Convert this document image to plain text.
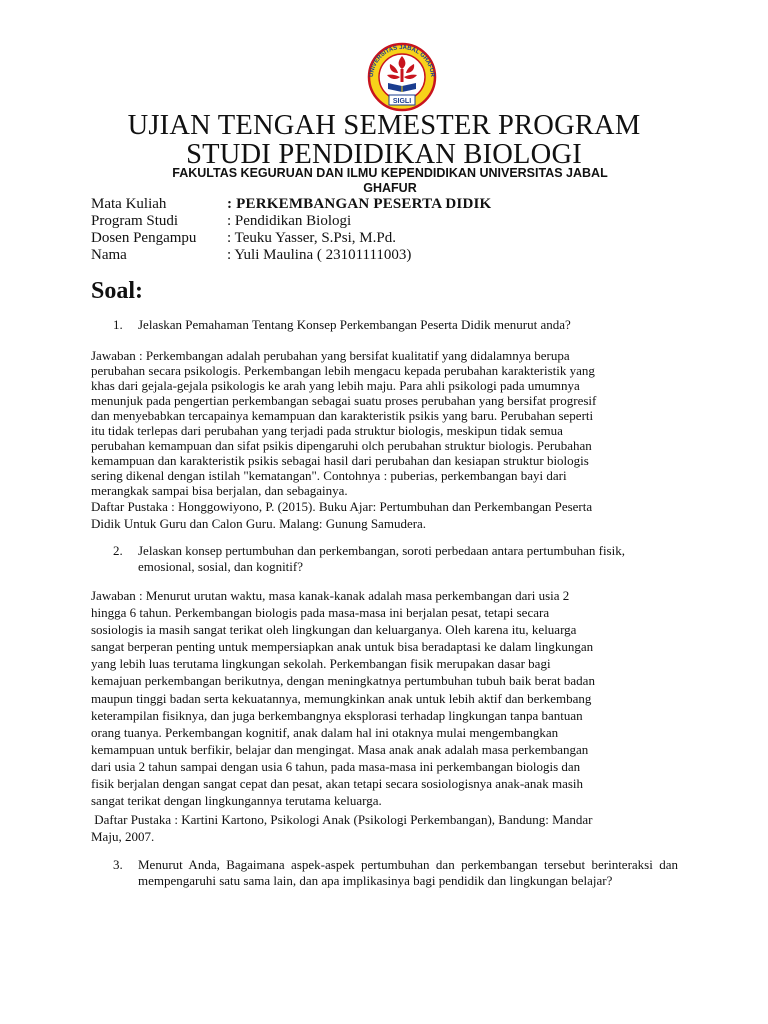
UNIVERSITAS JABAL GHAFUR
SIGLI
UJIAN TENGAH SEMESTER PROGRAM
STUDI PENDIDIKAN BIOLOGI
FAKULTAS KEGURUAN DAN ILMU KEPENDIDIKAN UNIVERSITAS JABAL
GHAFUR
Mata Kuliah	: PERKEMBANGAN PESERTA DIDIK
Program Studi	: Pendidikan Biologi
Dosen Pengampu	: Teuku Yasser, S.Psi, M.Pd.
Nama	: Yuli Maulina ( 23101111003)
Soal:
1. Jelaskan Pemahaman Tentang Konsep Perkembangan Peserta Didik menurut anda?
Jawaban : Perkembangan adalah perubahan yang bersifat kualitatif yang didalamnya berupa
perubahan secara psikologis. Perkembangan lebih mengacu kepada perubahan karakteristik yang
khas dari gejala-gejala psikologis ke arah yang lebih maju. Para ahli psikologi pada umumnya
menunjuk pada pengertian perkembangan sebagai suatu proses perubahan yang bersifat progresif
dan menyebabkan tercapainya kemampuan dan karakteristik psikis yang baru. Perubahan seperti
itu tidak terlepas dari perubahan yang terjadi pada struktur biologis, meskipun tidak semua
perubahan kemampuan dan sifat psikis dipengaruhi olch perubahan struktur biologis. Perubahan
kemampuan dan karakteristik psikis sebagai hasil dari perubahan dan kesiapan struktur biologis
sering dikenal dengan istilah "kematangan". Contohnya : puberias, perkembangan bayi dari
merangkak sampai bisa berjalan, dan sebagainya.
Daftar Pustaka : Honggowiyono, P. (2015). Buku Ajar: Pertumbuhan dan Perkembangan Peserta
Didik Untuk Guru dan Calon Guru. Malang: Gunung Samudera.
2. Jelaskan konsep pertumbuhan dan perkembangan, soroti perbedaan antara pertumbuhan fisik, emosional, sosial, dan kognitif?
Jawaban : Menurut urutan waktu, masa kanak-kanak adalah masa perkembangan dari usia 2
hingga 6 tahun. Perkembangan biologis pada masa-masa ini berjalan pesat, tetapi secara
sosiologis ia masih sangat terikat oleh lingkungan dan keluarganya. Oleh karena itu, keluarga
sangat berperan penting untuk mempersiapkan anak untuk bisa beradaptasi ke dalam lingkungan
yang lebih luas terutama lingkungan sekolah. Perkembangan fisik merupakan dasar bagi
kemajuan perkembangan berikutnya, dengan meningkatnya pertumbuhan tubuh baik berat badan
maupun tinggi badan serta kekuatannya, memungkinkan anak untuk lebih aktif dan berkembang
keterampilan fisiknya, dan juga berkembangnya eksplorasi terhadap lingkungan tanpa bantuan
orang tuanya. Perkembangan kognitif, anak dalam hal ini otaknya mulai mengembangkan
kemampuan untuk berfikir, belajar dan mengingat. Masa anak anak adalah masa perkembangan
dari usia 2 tahun sampai dengan usia 6 tahun, pada masa-masa ini perkembangan biologis dan
fisik berjalan dengan sangat cepat dan pesat, akan tetapi secara sosiologisnya anak-anak masih
sangat terikat dengan lingkungannya terutama keluarga.
Daftar Pustaka : Kartini Kartono, Psikologi Anak (Psikologi Perkembangan), Bandung: Mandar
Maju, 2007.
3. Menurut Anda, Bagaimana aspek-aspek pertumbuhan dan perkembangan tersebut berinteraksi dan mempengaruhi satu sama lain, dan apa implikasinya bagi pendidik dan lingkungan belajar?
